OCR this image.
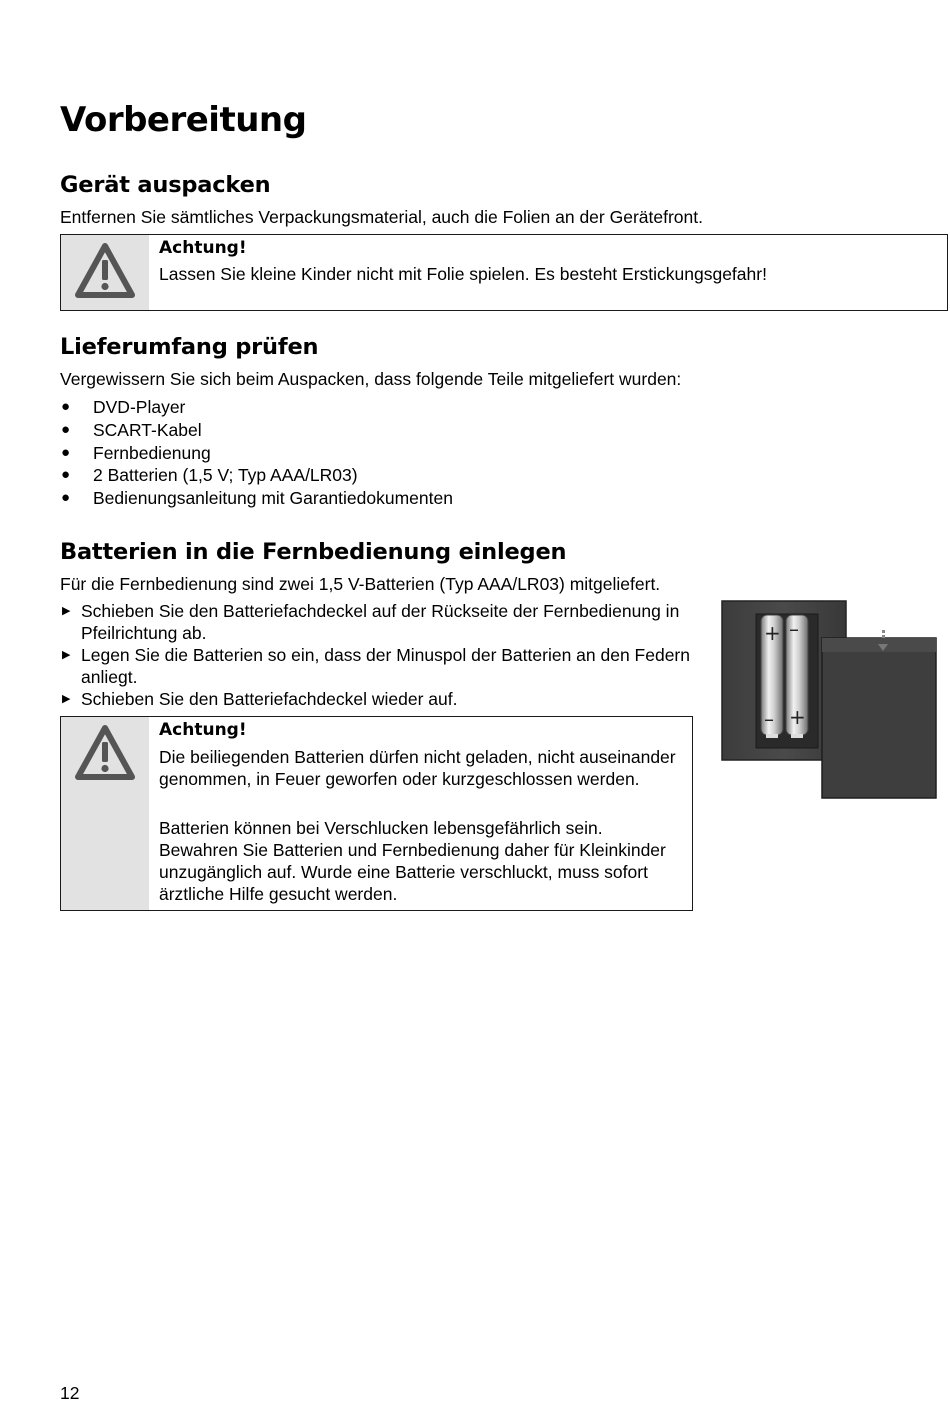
Vorbereitung
Gerät auspacken

Entfernen Sie sämtliches Verpackungsmaterial, auch die Folien an der Gerätefront.

Achtung!

Lassen Sie kleine Kinder nicht mit Folie spielen. Es besteht Erstickungsgefahr!

Lieferumfang prüfen

Vergewissern Sie sich beim Auspacken, dass folgende Teile mitgeliefert wurden:

● DVD-Player
● SCART-Kabel
● Fernbedienung
● 2 Batterien (1,5 V; Typ AAA/LR03)
● Bedienungsanleitung mit Garantiedokumenten
Batterien in die Fernbedienung einlegen

Für die Fernbedienung sind zwei 1,5 V-Batterien (Typ AAA/LR03) mitgeliefert.

▶ Schieben Sie den Batteriefachdeckel auf der Rückseite der Fernbedienung in Pfeilrichtung ab.
▶ Legen Sie die Batterien so ein, dass der Minuspol der Batterien an den Federn anliegt.
▶ Schieben Sie den Batteriefachdeckel wieder auf.
Achtung!

Die beiliegenden Batterien dürfen nicht geladen, nicht auseinander genommen, in Feuer geworfen oder kurzgeschlossen werden.

Batterien können bei Verschlucken lebensgefährlich sein. Bewahren Sie Batterien und Fernbedienung daher für Kleinkinder unzugänglich auf. Wurde eine Batterie verschluckt, muss sofort ärztliche Hilfe gesucht werden.

+ –
– +
12
